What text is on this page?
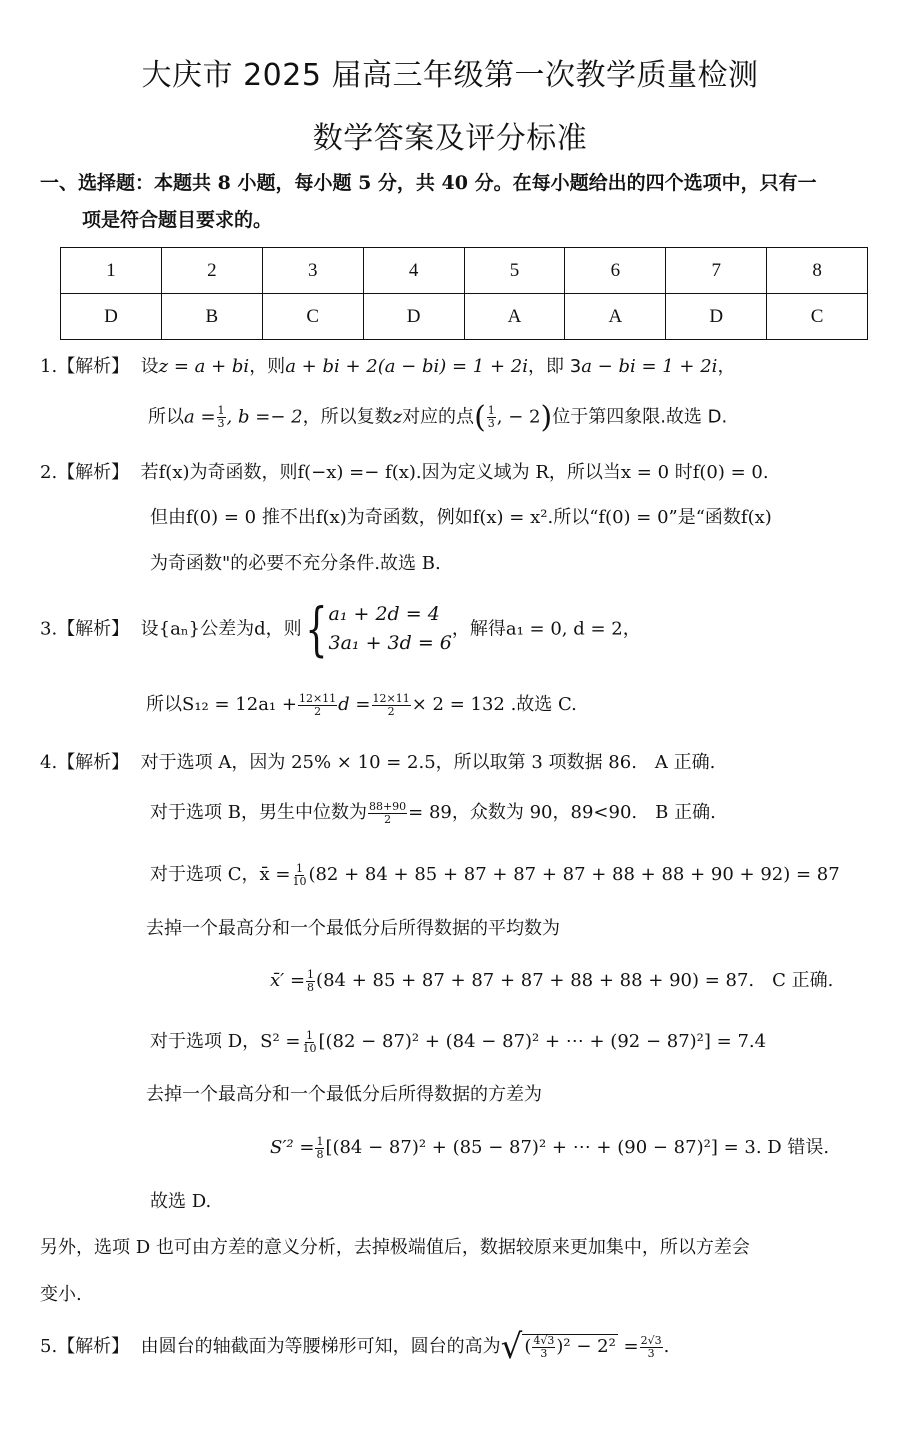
大庆市 2025 届高三年级第一次教学质量检测
数学答案及评分标准
一、选择题：本题共 8 小题，每小题 5 分，共 40 分。在每小题给出的四个选项中，只有一
项是符合题目要求的。
1	2	3	4	5	6	7	8
D	B	C	D	A	A	D	C
1.【解析】 设z = a + bi，则a + bi + 2(a − bi) = 1 + 2i，即 3a − bi = 1 + 2i，
所以$a = \frac{1}{3}$ , b =− 2，所以复数z对应的点( $\frac{1}{3}$ , − 2)位于第四象限.故选 D.
2.【解析】 若f(x)为奇函数，则f(−x) =− f(x).因为定义域为 R，所以当x = 0 时f(0) = 0.
但由f(0) = 0 推不出f(x)为奇函数，例如f(x) = x².所以“f(0) = 0”是“函数f(x)
为奇函数"的必要不充分条件.故选 B.
3.【解析】 设{aₙ}公差为d，则{ a₁ + 2d = 4
3a₁ + 3d = 6
，解得a₁ = 0, d = 2，
所以$S_{12} = 12a_1 + \frac{12\times 11}{2}$ $d = \frac{12\times 11}{2} \times 2 = 132$ .故选 C.
4.【解析】 对于选项 A，因为 25% × 10 = 2.5，所以取第 3 项数据 86.　A 正确.
对于选项 B，男生中位数为 $\frac{88+90}{2} = 89$，众数为 90，89<90.　B 正确.
对于选项 C，x̄ = $\frac{1}{10} (82 + 84 + 85 + 87 + 87 + 87 + 88 + 88 + 90 + 92) = 87$
去掉一个最高分和一个最低分后所得数据的平均数为
x̄′ = $\frac{1}{8} (84 + 85 + 87 + 87 + 87 + 88 + 88 + 90) = 87$.　C 正确.
对于选项 D，$S^2 = \frac{1}{10} [(82 - 87)^2 + (84 - 87)^2$ + ⋯ + (92 − 87)²] = 7.4
去掉一个最高分和一个最低分后所得数据的方差为
$S'^2 = \frac{1}{8} [(84 - 87)^2 + (85 - 87)^2$ + ⋯ + (90 − 87)²] = 3. D 错误.
故选 D.
另外，选项 D 也可由方差的意义分析，去掉极端值后，数据较原来更加集中，所以方差会
变小.
5.【解析】 由圆台的轴截面为等腰梯形可知，圆台的高为√ ( $\frac{4√3}{3} )^2 - 2^2 = \frac{2√3}{3}$ .
